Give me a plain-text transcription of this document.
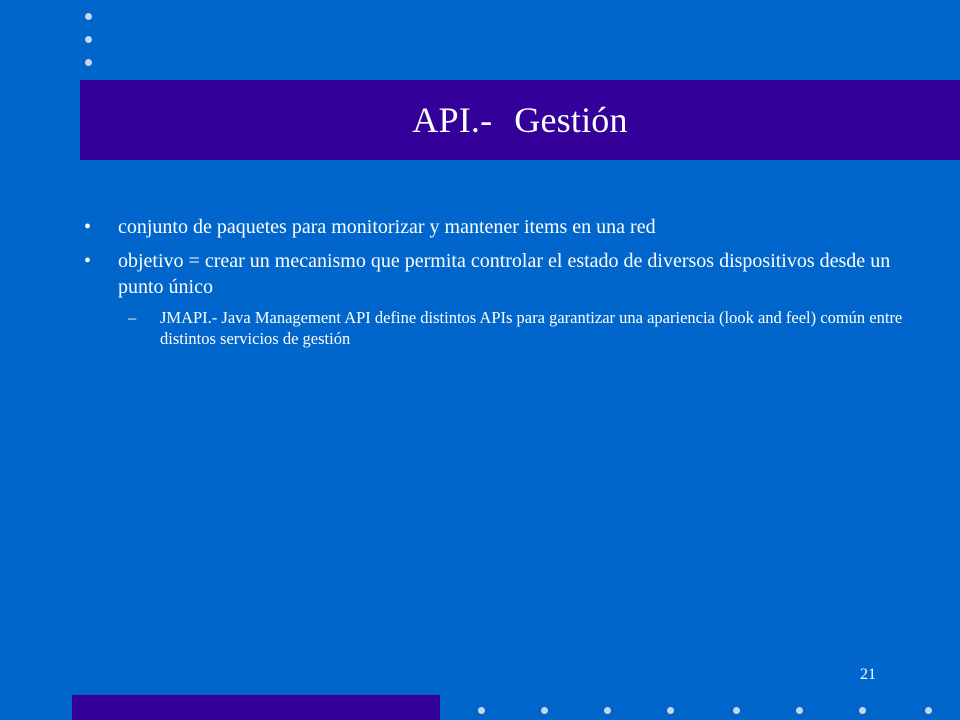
API.- Gestión
• conjunto de paquetes para monitorizar y mantener items en una red
• objetivo = crear un mecanismo que permita controlar el estado de diversos dispositivos desde un punto único
– JMAPI.- Java Management API define distintos APIs para garantizar una apariencia (look and feel) común entre distintos servicios de gestión
21
